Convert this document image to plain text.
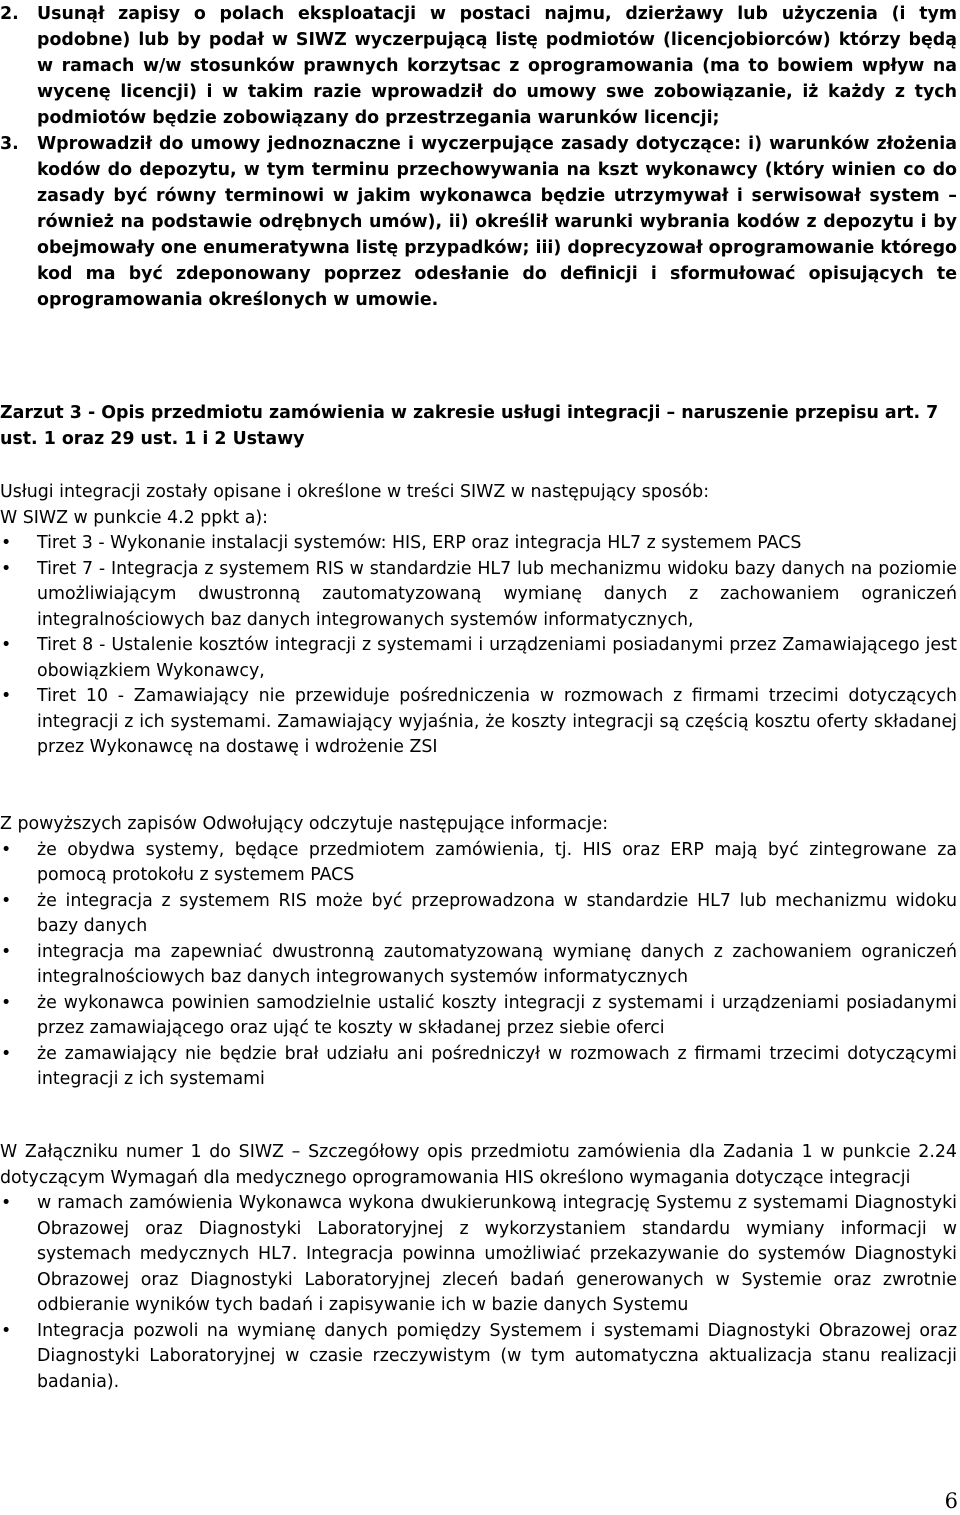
2. Usunął zapisy o polach eksploatacji w postaci najmu, dzierżawy lub użyczenia (i tym podobne) lub by podał w SIWZ wyczerpującą listę podmiotów (licencjobiorców) którzy będą w ramach w/w stosunków prawnych korzytsac z oprogramowania (ma to bowiem wpływ na wycenę licencji) i w takim razie wprowadził do umowy swe zobowiązanie, iż każdy z tych podmiotów będzie zobowiązany do przestrzegania warunków licencji;
3. Wprowadził do umowy jednoznaczne i wyczerpujące zasady dotyczące: i) warunków złożenia kodów do depozytu, w tym terminu przechowywania na kszt wykonawcy (który winien co do zasady być równy terminowi w jakim wykonawca będzie utrzymywał i serwisował system – również na podstawie odrębnych umów), ii) określił warunki wybrania kodów z depozytu i by obejmowały one enumeratywna listę przypadków; iii) doprecyzował oprogramowanie którego kod ma być zdeponowany poprzez odesłanie do definicji i sformułować opisujących te oprogramowania określonych w umowie.
Zarzut 3 - Opis przedmiotu zamówienia w zakresie usługi integracji – naruszenie przepisu art. 7 ust. 1 oraz 29 ust. 1 i 2 Ustawy
Usługi integracji zostały opisane i określone w treści SIWZ w następujący sposób:
W SIWZ w punkcie 4.2 ppkt a):
• Tiret 3 - Wykonanie instalacji systemów: HIS, ERP oraz integracja HL7 z systemem PACS
• Tiret 7 - Integracja z systemem RIS w standardzie HL7 lub mechanizmu widoku bazy danych na poziomie umożliwiającym dwustronną zautomatyzowaną wymianę danych z zachowaniem ograniczeń integralnościowych baz danych integrowanych systemów informatycznych,
• Tiret 8 - Ustalenie kosztów integracji z systemami i urządzeniami posiadanymi przez Zamawiającego jest obowiązkiem Wykonawcy,
• Tiret 10 - Zamawiający nie przewiduje pośredniczenia w rozmowach z firmami trzecimi dotyczących integracji z ich systemami. Zamawiający wyjaśnia, że koszty integracji są częścią kosztu oferty składanej przez Wykonawcę na dostawę i wdrożenie ZSI
Z powyższych zapisów Odwołujący odczytuje następujące informacje:
• że obydwa systemy, będące przedmiotem zamówienia, tj. HIS oraz ERP mają być zintegrowane za pomocą protokołu z systemem PACS
• że integracja z systemem RIS może być przeprowadzona w standardzie HL7 lub mechanizmu widoku bazy danych
• integracja ma zapewniać dwustronną zautomatyzowaną wymianę danych z zachowaniem ograniczeń integralnościowych baz danych integrowanych systemów informatycznych
• że wykonawca powinien samodzielnie ustalić koszty integracji z systemami i urządzeniami posiadanymi przez zamawiającego oraz ująć te koszty w składanej przez siebie oferci
• że zamawiający nie będzie brał udziału ani pośredniczył w rozmowach z firmami trzecimi dotyczącymi integracji z ich systemami
W Załączniku numer 1 do SIWZ – Szczegółowy opis przedmiotu zamówienia dla Zadania 1 w punkcie 2.24 dotyczącym Wymagań dla medycznego oprogramowania HIS określono wymagania dotyczące integracji
• w ramach zamówienia Wykonawca wykona dwukierunkową integrację Systemu z systemami Diagnostyki Obrazowej oraz Diagnostyki Laboratoryjnej z wykorzystaniem standardu wymiany informacji w systemach medycznych HL7. Integracja powinna umożliwiać przekazywanie do systemów Diagnostyki Obrazowej oraz Diagnostyki Laboratoryjnej zleceń badań generowanych w Systemie oraz zwrotnie odbieranie wyników tych badań i zapisywanie ich w bazie danych Systemu
• Integracja pozwoli na wymianę danych pomiędzy Systemem i systemami Diagnostyki Obrazowej oraz Diagnostyki Laboratoryjnej w czasie rzeczywistym (w tym automatyczna aktualizacja stanu realizacji badania).
6
